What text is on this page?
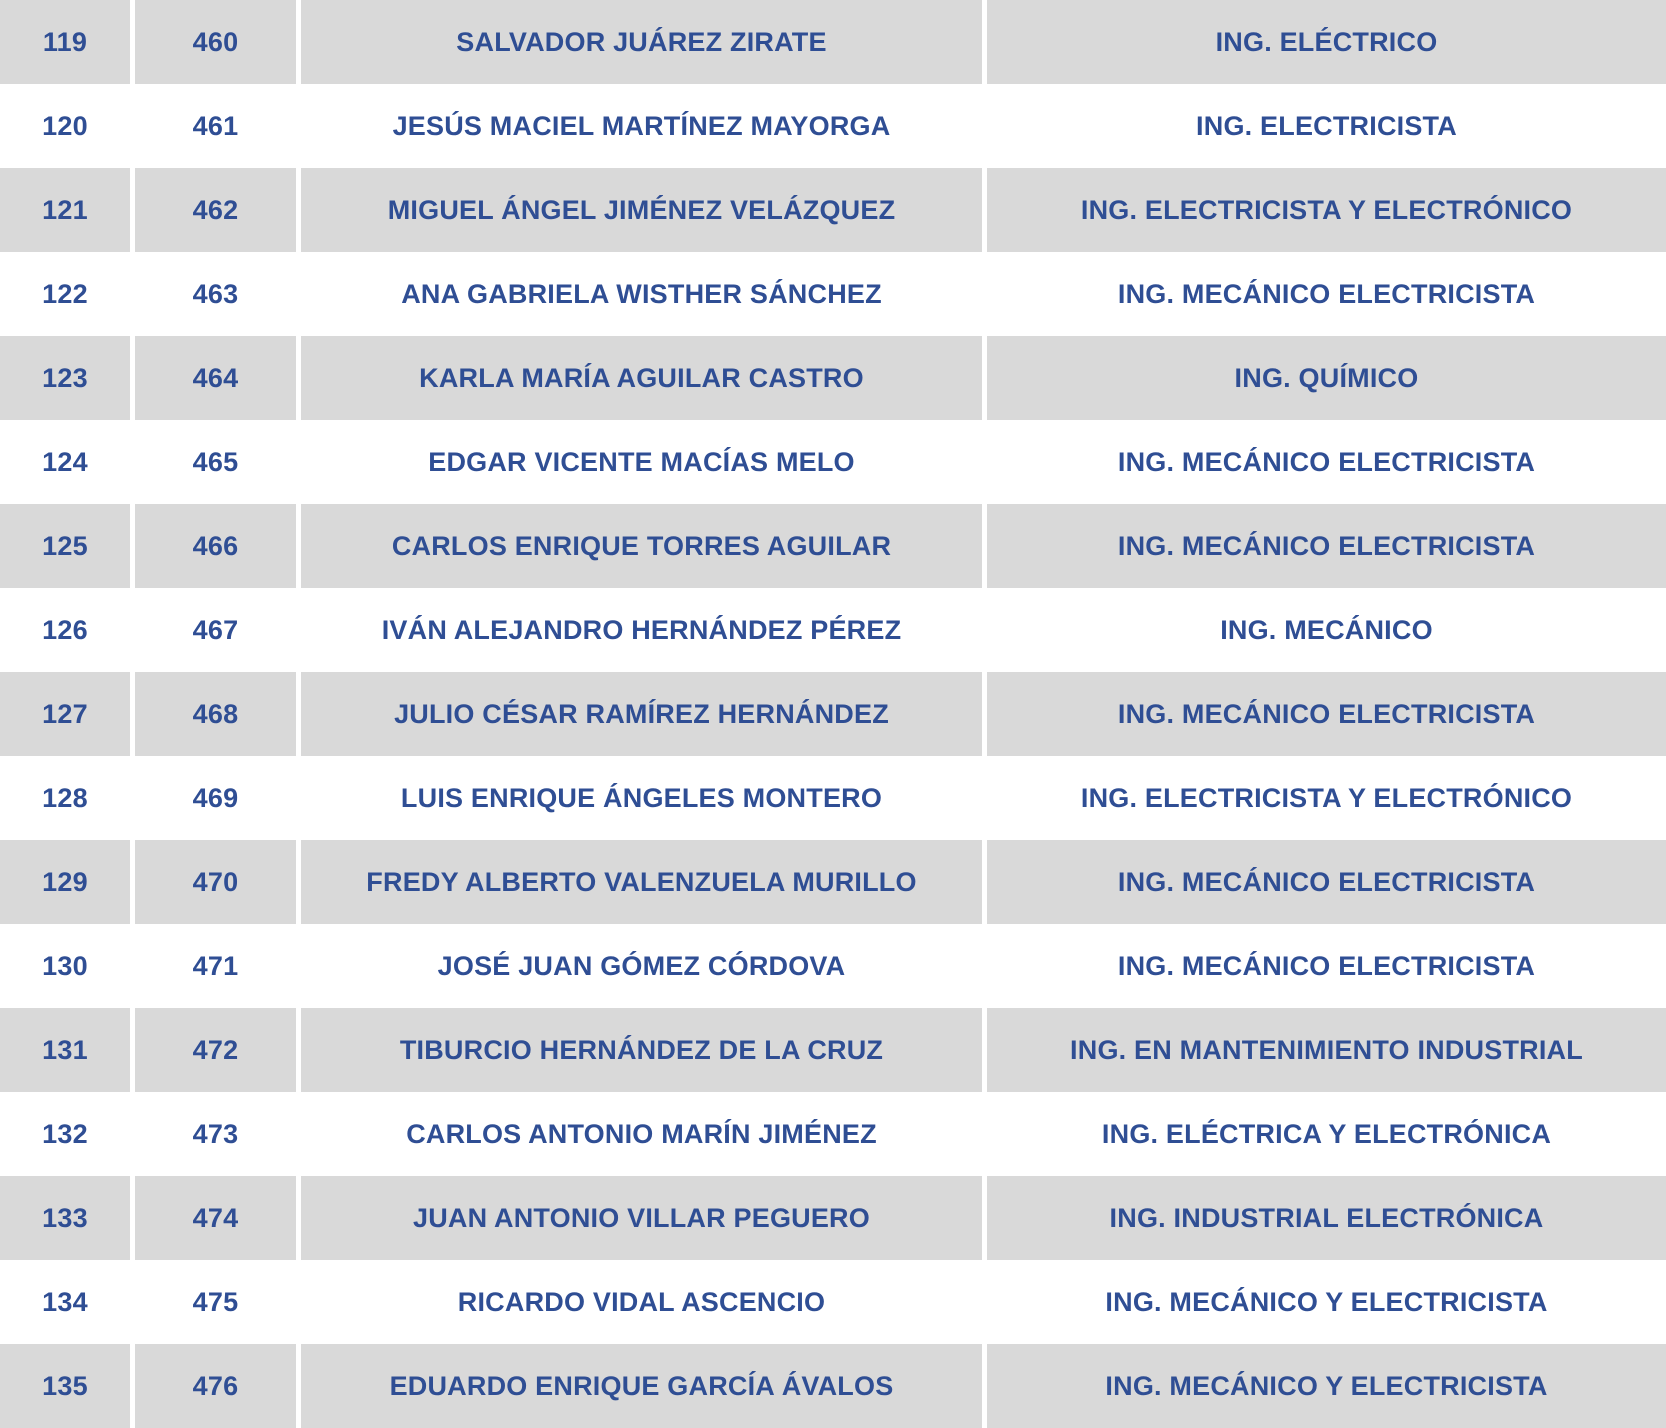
119	460	SALVADOR JUÁREZ ZIRATE	ING. ELÉCTRICO
120	461	JESÚS MACIEL MARTÍNEZ MAYORGA	ING. ELECTRICISTA
121	462	MIGUEL ÁNGEL JIMÉNEZ VELÁZQUEZ	ING. ELECTRICISTA Y ELECTRÓNICO
122	463	ANA GABRIELA WISTHER SÁNCHEZ	ING. MECÁNICO ELECTRICISTA
123	464	KARLA MARÍA AGUILAR CASTRO	ING. QUÍMICO
124	465	EDGAR VICENTE MACÍAS MELO	ING. MECÁNICO ELECTRICISTA
125	466	CARLOS ENRIQUE TORRES AGUILAR	ING. MECÁNICO ELECTRICISTA
126	467	IVÁN ALEJANDRO HERNÁNDEZ PÉREZ	ING. MECÁNICO
127	468	JULIO CÉSAR RAMÍREZ HERNÁNDEZ	ING. MECÁNICO ELECTRICISTA
128	469	LUIS ENRIQUE ÁNGELES MONTERO	ING. ELECTRICISTA Y ELECTRÓNICO
129	470	FREDY ALBERTO VALENZUELA MURILLO	ING. MECÁNICO ELECTRICISTA
130	471	JOSÉ JUAN GÓMEZ CÓRDOVA	ING. MECÁNICO ELECTRICISTA
131	472	TIBURCIO HERNÁNDEZ DE LA CRUZ	ING. EN MANTENIMIENTO INDUSTRIAL
132	473	CARLOS ANTONIO MARÍN JIMÉNEZ	ING. ELÉCTRICA Y ELECTRÓNICA
133	474	JUAN ANTONIO VILLAR PEGUERO	ING. INDUSTRIAL ELECTRÓNICA
134	475	RICARDO VIDAL ASCENCIO	ING. MECÁNICO Y ELECTRICISTA
135	476	EDUARDO ENRIQUE GARCÍA ÁVALOS	ING. MECÁNICO Y ELECTRICISTA
